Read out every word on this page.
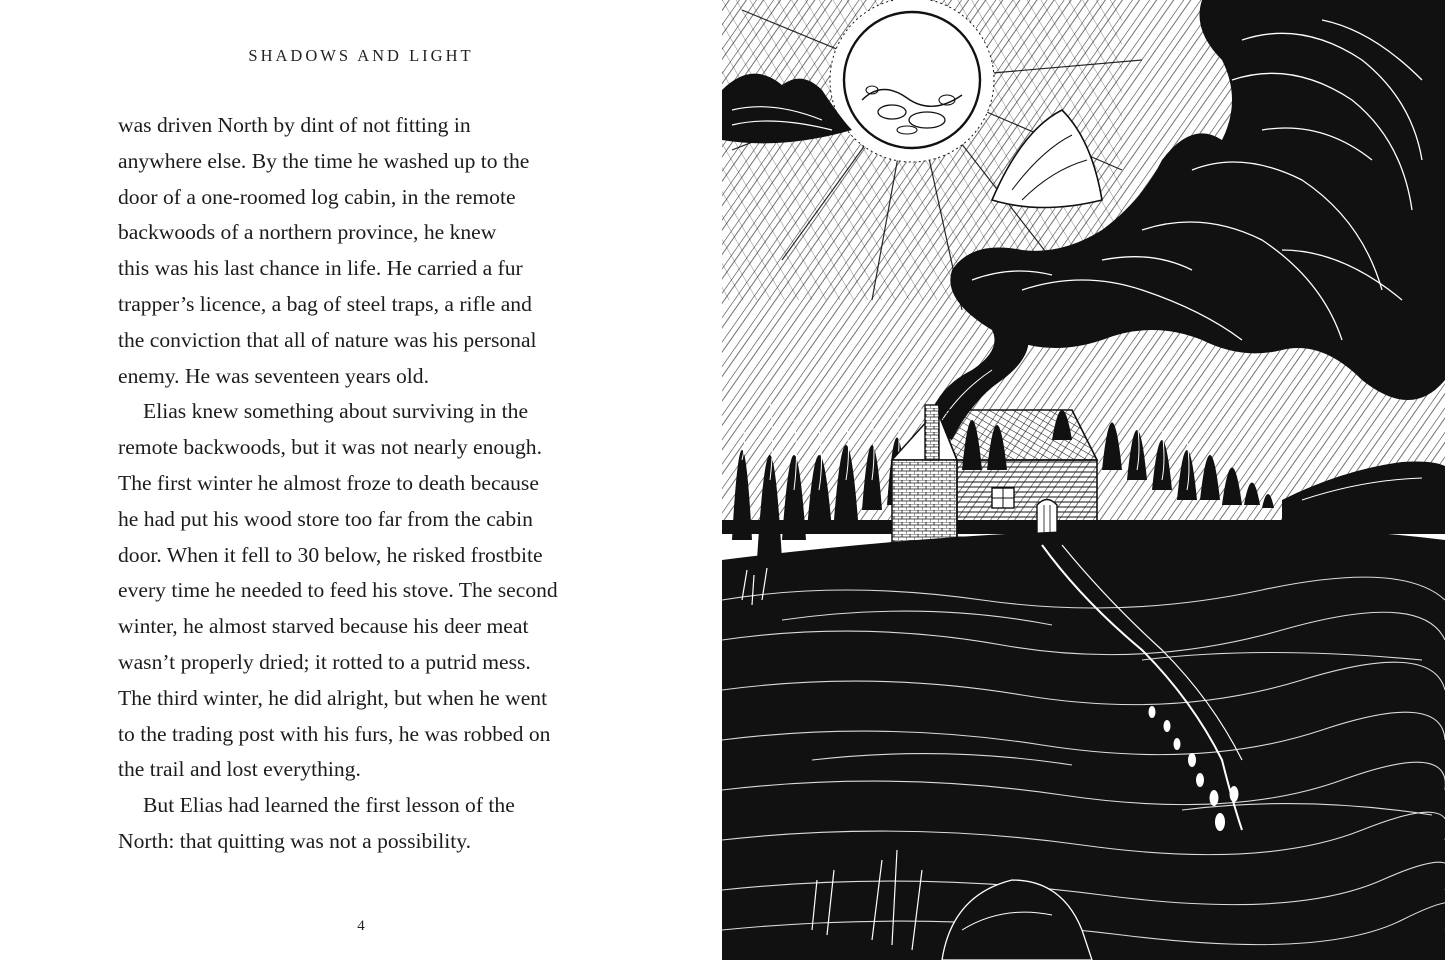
SHADOWS AND LIGHT
was driven North by dint of not fitting in
anywhere else. By the time he washed up to the
door of a one-roomed log cabin, in the remote
backwoods of a northern province, he knew
this was his last chance in life. He carried a fur
trapper’s licence, a bag of steel traps, a rifle and
the conviction that all of nature was his personal
enemy. He was seventeen years old.
Elias knew something about surviving in the
remote backwoods, but it was not nearly enough.
The first winter he almost froze to death because
he had put his wood store too far from the cabin
door. When it fell to 30 below, he risked frostbite
every time he needed to feed his stove. The second
winter, he almost starved because his deer meat
wasn’t properly dried; it rotted to a putrid mess.
The third winter, he did alright, but when he went
to the trading post with his furs, he was robbed on
the trail and lost everything.
But Elias had learned the first lesson of the
North: that quitting was not a possibility.
4
